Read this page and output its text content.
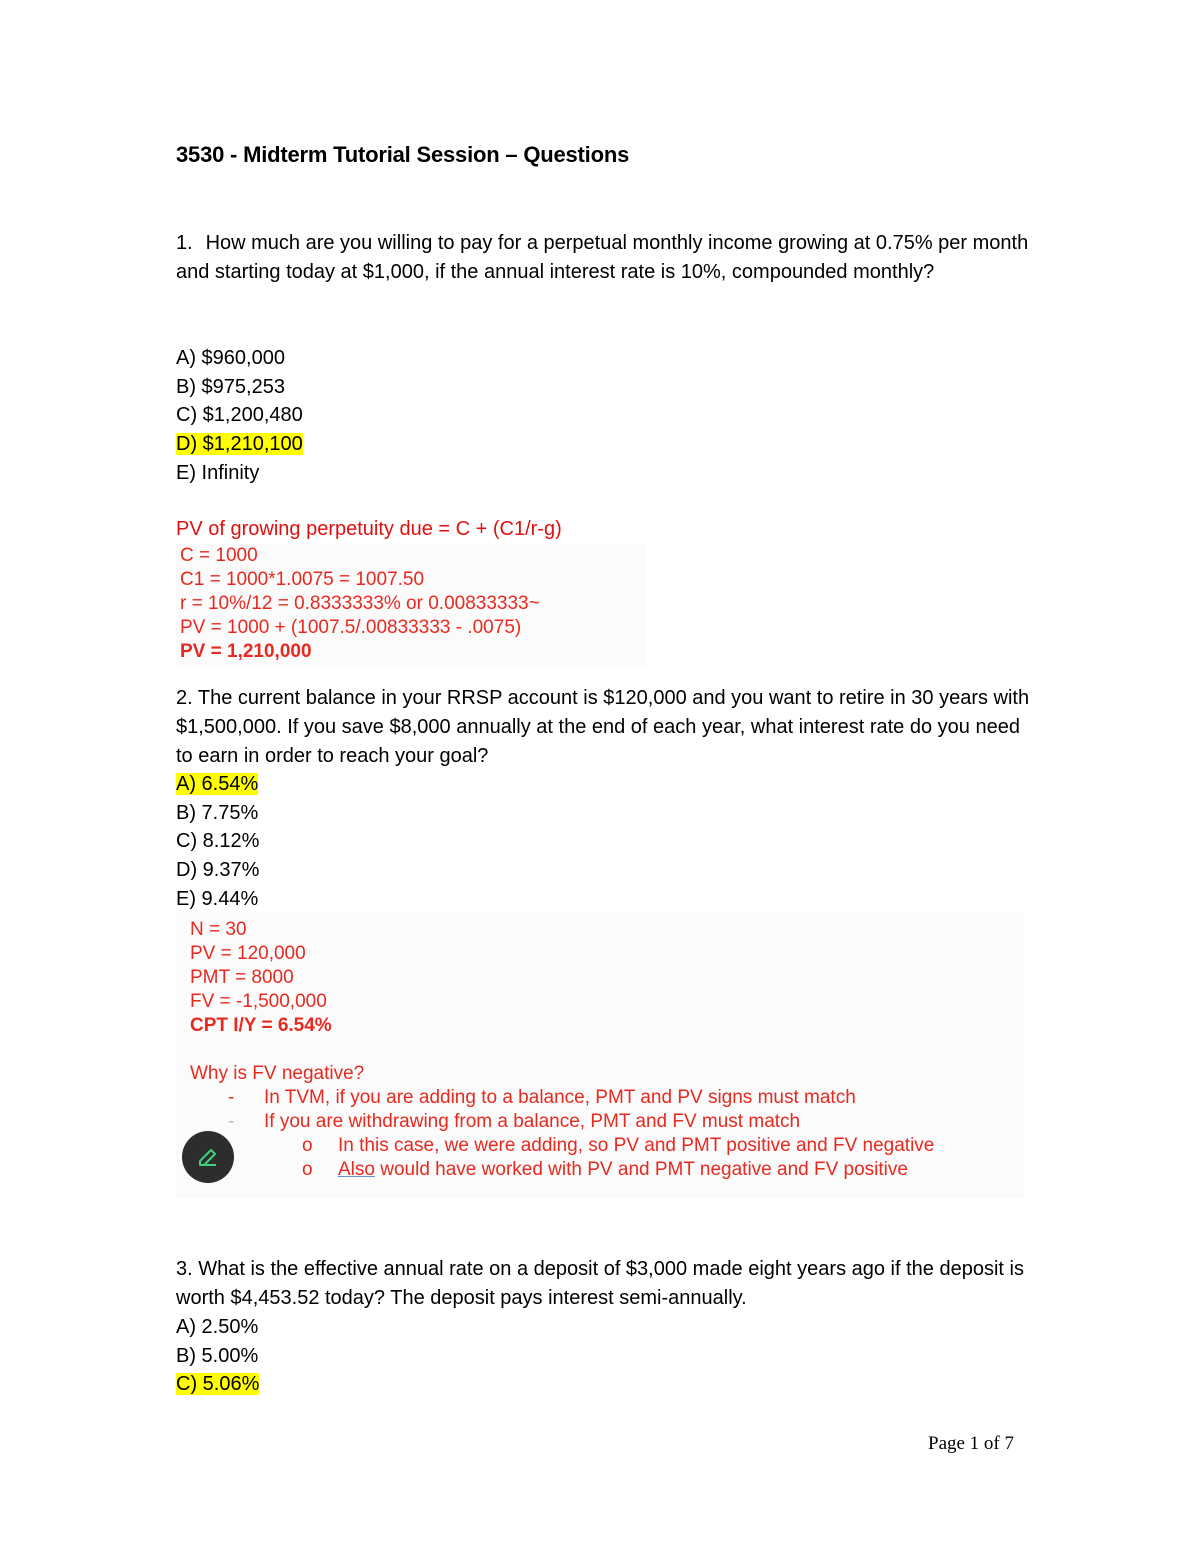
3530 - Midterm Tutorial Session – Questions

1. How much are you willing to pay for a perpetual monthly income growing at 0.75% per month and starting today at $1,000, if the annual interest rate is 10%, compounded monthly?

A) $960,000
B) $975,253
C) $1,200,480
D) $1,210,100
E) Infinity
PV of growing perpetuity due = C + (C1/r-g)
C = 1000
C1 = 1000*1.0075 = 1007.50
r = 10%/12 = 0.8333333% or 0.00833333~
PV = 1000 + (1007.5/.00833333 - .0075)
PV = 1,210,000

2. The current balance in your RRSP account is $120,000 and you want to retire in 30 years with $1,500,000. If you save $8,000 annually at the end of each year, what interest rate do you need to earn in order to reach your goal?

A) 6.54%
B) 7.75%
C) 8.12%
D) 9.37%
E) 9.44%
N = 30
PV = 120,000
PMT = 8000
FV = -1,500,000
CPT I/Y = 6.54%
Why is FV negative?
- In TVM, if you are adding to a balance, PMT and PV signs must match
- If you are withdrawing from a balance, PMT and FV must match
o In this case, we were adding, so PV and PMT positive and FV negative
o Also would have worked with PV and PMT negative and FV positive

3. What is the effective annual rate on a deposit of $3,000 made eight years ago if the deposit is worth $4,453.52 today? The deposit pays interest semi-annually.

A) 2.50%
B) 5.00%
C) 5.06%
Page 1 of 7
